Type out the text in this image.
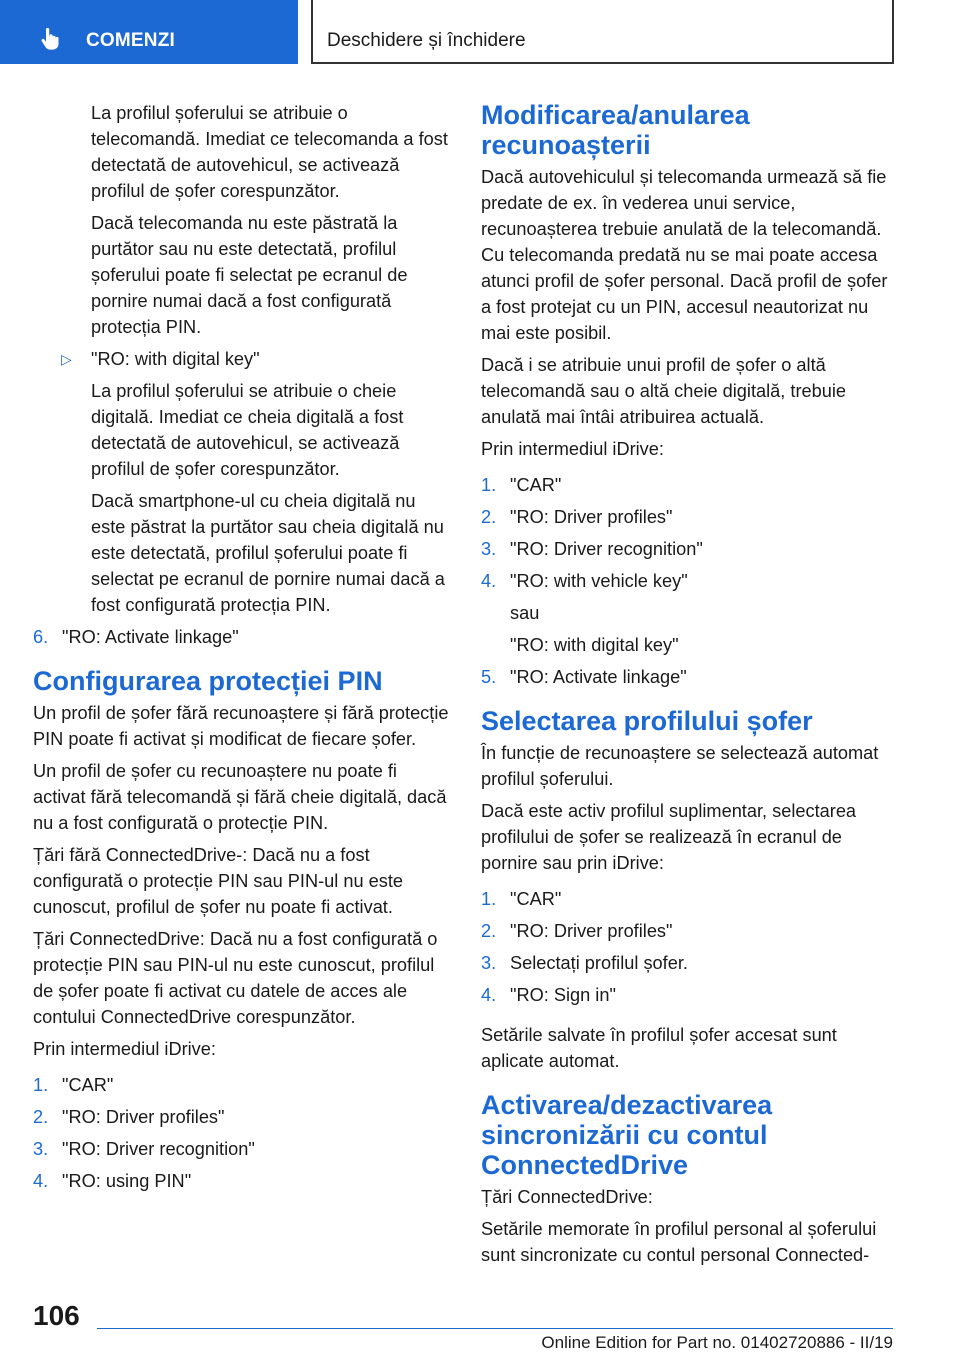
COMENZI	Deschidere și închidere

La profilul șoferului se atribuie o telecomandă. Imediat ce telecomanda a fost detectată de autovehicul, se activează profilul de șofer corespunzător.

Dacă telecomanda nu este păstrată la purtător sau nu este detectată, profilul șoferului poate fi selectat pe ecranul de pornire numai dacă a fost configurată protecția PIN.

▷ "RO: with digital key"

La profilul șoferului se atribuie o cheie digitală. Imediat ce cheia digitală a fost detectată de autovehicul, se activează profilul de șofer corespunzător.

Dacă smartphone-ul cu cheia digitală nu este păstrat la purtător sau cheia digitală nu este detectată, profilul șoferului poate fi selectat pe ecranul de pornire numai dacă a fost configurată protecția PIN.

6. "RO: Activate linkage"
Configurarea protecției PIN

Un profil de șofer fără recunoaștere și fără protecție PIN poate fi activat și modificat de fiecare șofer.

Un profil de șofer cu recunoaștere nu poate fi activat fără telecomandă și fără cheie digitală, dacă nu a fost configurată o protecție PIN.

Țări fără ConnectedDrive-: Dacă nu a fost configurată o protecție PIN sau PIN-ul nu este cunoscut, profilul de șofer nu poate fi activat.

Țări ConnectedDrive: Dacă nu a fost configurată o protecție PIN sau PIN-ul nu este cunoscut, profilul de șofer poate fi activat cu datele de acces ale contului ConnectedDrive corespunzător.

Prin intermediul iDrive:

1. "CAR"
2. "RO: Driver profiles"
3. "RO: Driver recognition"
4. "RO: using PIN"
Modificarea/anularea recunoașterii

Dacă autovehiculul și telecomanda urmează să fie predate de ex. în vederea unui service, recunoașterea trebuie anulată de la telecomandă. Cu telecomanda predată nu se mai poate accesa atunci profil de șofer personal. Dacă profil de șofer a fost protejat cu un PIN, accesul neautorizat nu mai este posibil.

Dacă i se atribuie unui profil de șofer o altă telecomandă sau o altă cheie digitală, trebuie anulată mai întâi atribuirea actuală.

Prin intermediul iDrive:

1. "CAR"
2. "RO: Driver profiles"
3. "RO: Driver recognition"
4. "RO: with vehicle key"

sau

"RO: with digital key"

5. "RO: Activate linkage"
Selectarea profilului șofer

În funcție de recunoaștere se selectează automat profilul șoferului.

Dacă este activ profilul suplimentar, selectarea profilului de șofer se realizează în ecranul de pornire sau prin iDrive:

1. "CAR"
2. "RO: Driver profiles"
3. Selectați profilul șofer.
4. "RO: Sign in"

Setările salvate în profilul șofer accesat sunt aplicate automat.

Activarea/dezactivarea sincronizării cu contul ConnectedDrive

Țări ConnectedDrive:

Setările memorate în profilul personal al șoferului sunt sincronizate cu contul personal Connected-

106
Online Edition for Part no. 01402720886 - II/19
